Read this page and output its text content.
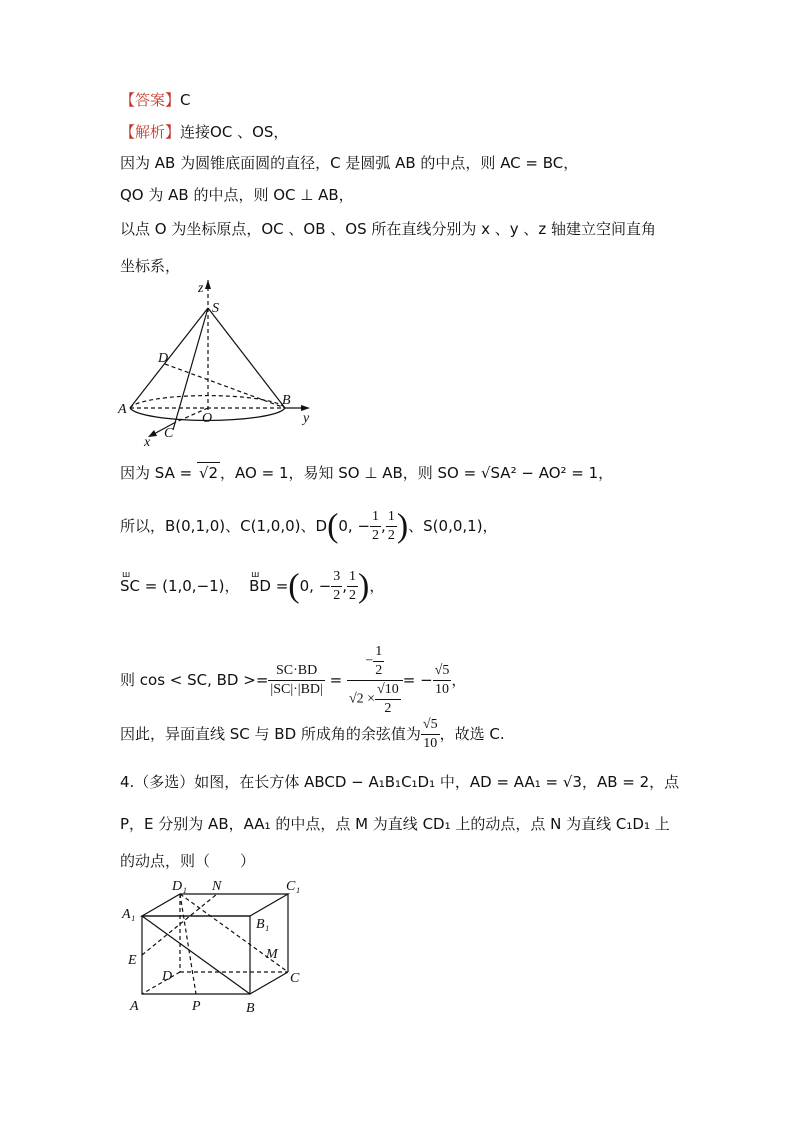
【答案】C
【解析】连接OC 、OS，
因为 AB 为圆锥底面圆的直径，C 是圆弧 AB 的中点，则 AC = BC，
QO 为 AB 的中点，则 OC ⊥ AB，
以点 O 为坐标原点，OC 、OB 、OS 所在直线分别为 x 、y 、z 轴建立空间直角
坐标系，
z
S
D
A
O
B
y
C
x
因为 SA = √2 ，AO = 1，易知 SO ⊥ AB，则 SO = √SA² − AO² = 1，
所以，B(0,1,0)、C(1,0,0)、D(0, − $\frac{1}{2}$ , $\frac{1}{2}$ )、S(0,0,1)，
ш SC = (1,0,−1)，  ш BD =(0, − $\frac{3}{2}$ , $\frac{1}{2}$ )，
则 cos < SC, BD >= $\frac{SC\cdot BD}{|SC|\cdot|BD|} = \frac{- \frac{1}{2}}{√2 \times \frac{√10}{2}}$ = − $\frac{√5}{10}$ ，
因此，异面直线 SC 与 BD 所成角的余弦值为 $\frac{√5}{10}$ ，故选 C.
4.（多选）如图，在长方体 ABCD − A₁B₁C₁D₁ 中，AD = AA₁ = √3，AB = 2，点
P，E 分别为 AB，AA₁ 的中点，点 M 为直线 CD₁ 上的动点，点 N 为直线 C₁D₁ 上
的动点，则（　　）
D₁ N	C₁
A₁
B₁
M
E
D	C
A	P	B
